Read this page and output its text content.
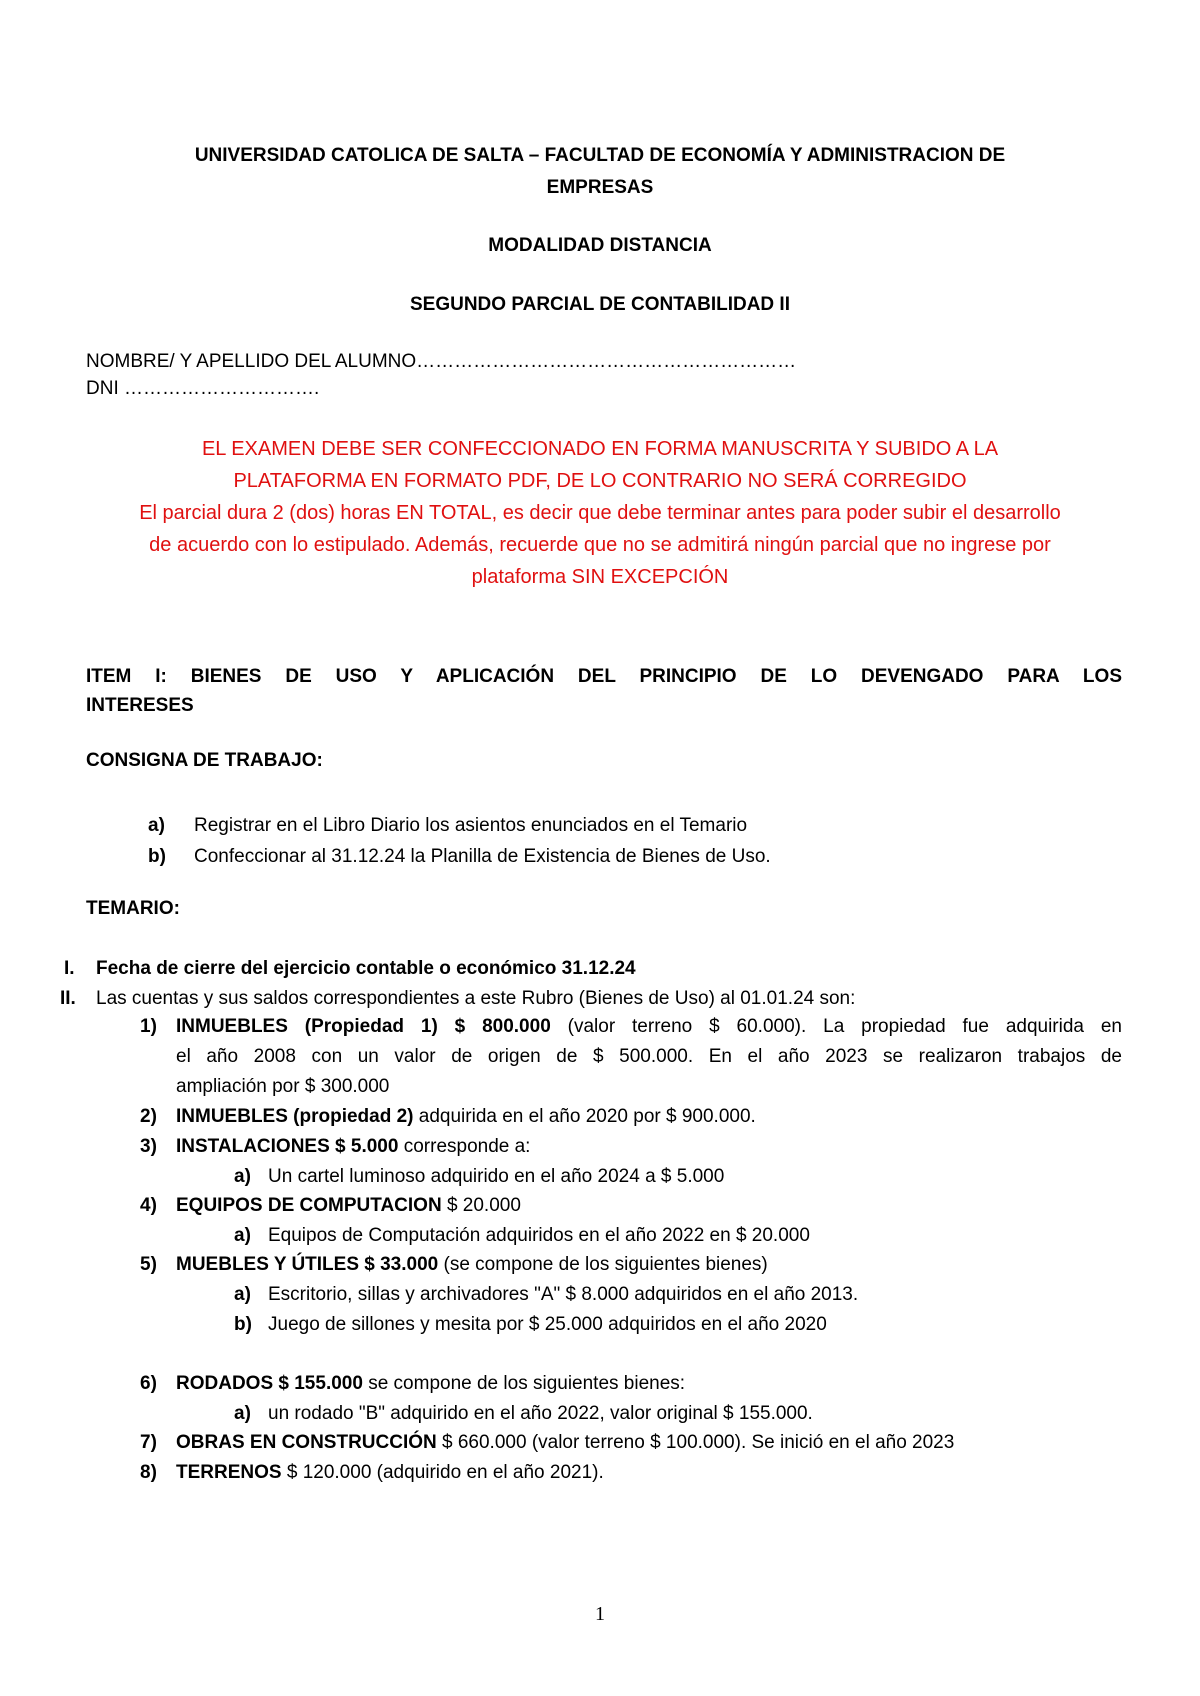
UNIVERSIDAD CATOLICA DE SALTA – FACULTAD DE ECONOMÍA Y ADMINISTRACION DE
EMPRESAS
MODALIDAD DISTANCIA
SEGUNDO PARCIAL DE CONTABILIDAD II
NOMBRE/ Y APELLIDO DEL ALUMNO……………………………………………………
DNI ………………………….
EL EXAMEN DEBE SER CONFECCIONADO EN FORMA MANUSCRITA Y SUBIDO A LA
PLATAFORMA EN FORMATO PDF, DE LO CONTRARIO NO SERÁ CORREGIDO
El parcial dura 2 (dos) horas EN TOTAL, es decir que debe terminar antes para poder subir el desarrollo
de acuerdo con lo estipulado. Además, recuerde que no se admitirá ningún parcial que no ingrese por
plataforma SIN EXCEPCIÓN
ITEM I: BIENES DE USO Y APLICACIÓN DEL PRINCIPIO DE LO DEVENGADO PARA LOS
INTERESES
CONSIGNA DE TRABAJO:
a)	Registrar en el Libro Diario los asientos enunciados en el Temario
b)	Confeccionar al 31.12.24 la Planilla de Existencia de Bienes de Uso.
TEMARIO:
I. Fecha de cierre del ejercicio contable o económico 31.12.24
II. Las cuentas y sus saldos correspondientes a este Rubro (Bienes de Uso) al 01.01.24 son:
1) INMUEBLES (Propiedad 1) $ 800.000 (valor terreno $ 60.000). La propiedad fue adquirida en
el año 2008 con un valor de origen de $ 500.000. En el año 2023 se realizaron trabajos de
ampliación por $ 300.000
2) INMUEBLES (propiedad 2) adquirida en el año 2020 por $ 900.000.
3) INSTALACIONES $ 5.000 corresponde a:
a) Un cartel luminoso adquirido en el año 2024 a $ 5.000
4) EQUIPOS DE COMPUTACION $ 20.000
a) Equipos de Computación adquiridos en el año 2022 en $ 20.000
5) MUEBLES Y ÚTILES $ 33.000 (se compone de los siguientes bienes)
a) Escritorio, sillas y archivadores "A" $ 8.000 adquiridos en el año 2013.
b) Juego de sillones y mesita por $ 25.000 adquiridos en el año 2020
6) RODADOS $ 155.000 se compone de los siguientes bienes:
a) un rodado "B" adquirido en el año 2022, valor original $ 155.000.
7) OBRAS EN CONSTRUCCIÓN $ 660.000 (valor terreno $ 100.000). Se inició en el año 2023
8) TERRENOS $ 120.000 (adquirido en el año 2021).
1
